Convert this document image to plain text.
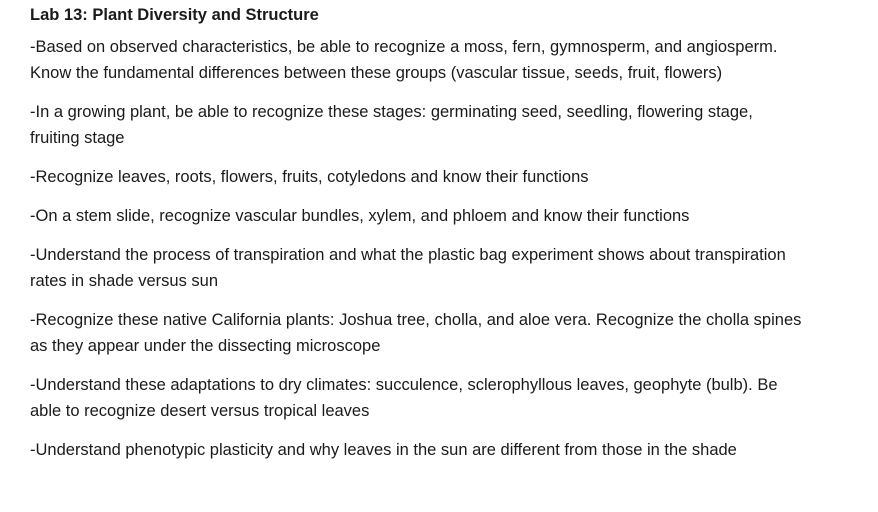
Lab 13: Plant Diversity and Structure
-Based on observed characteristics, be able to recognize a moss, fern, gymnosperm, and angiosperm.
Know the fundamental differences between these groups (vascular tissue, seeds, fruit, flowers)
-In a growing plant, be able to recognize these stages: germinating seed, seedling, flowering stage,
fruiting stage
-Recognize leaves, roots, flowers, fruits, cotyledons and know their functions
-On a stem slide, recognize vascular bundles, xylem, and phloem and know their functions
-Understand the process of transpiration and what the plastic bag experiment shows about transpiration
rates in shade versus sun
-Recognize these native California plants: Joshua tree, cholla, and aloe vera. Recognize the cholla spines
as they appear under the dissecting microscope
-Understand these adaptations to dry climates: succulence, sclerophyllous leaves, geophyte (bulb). Be
able to recognize desert versus tropical leaves
-Understand phenotypic plasticity and why leaves in the sun are different from those in the shade
